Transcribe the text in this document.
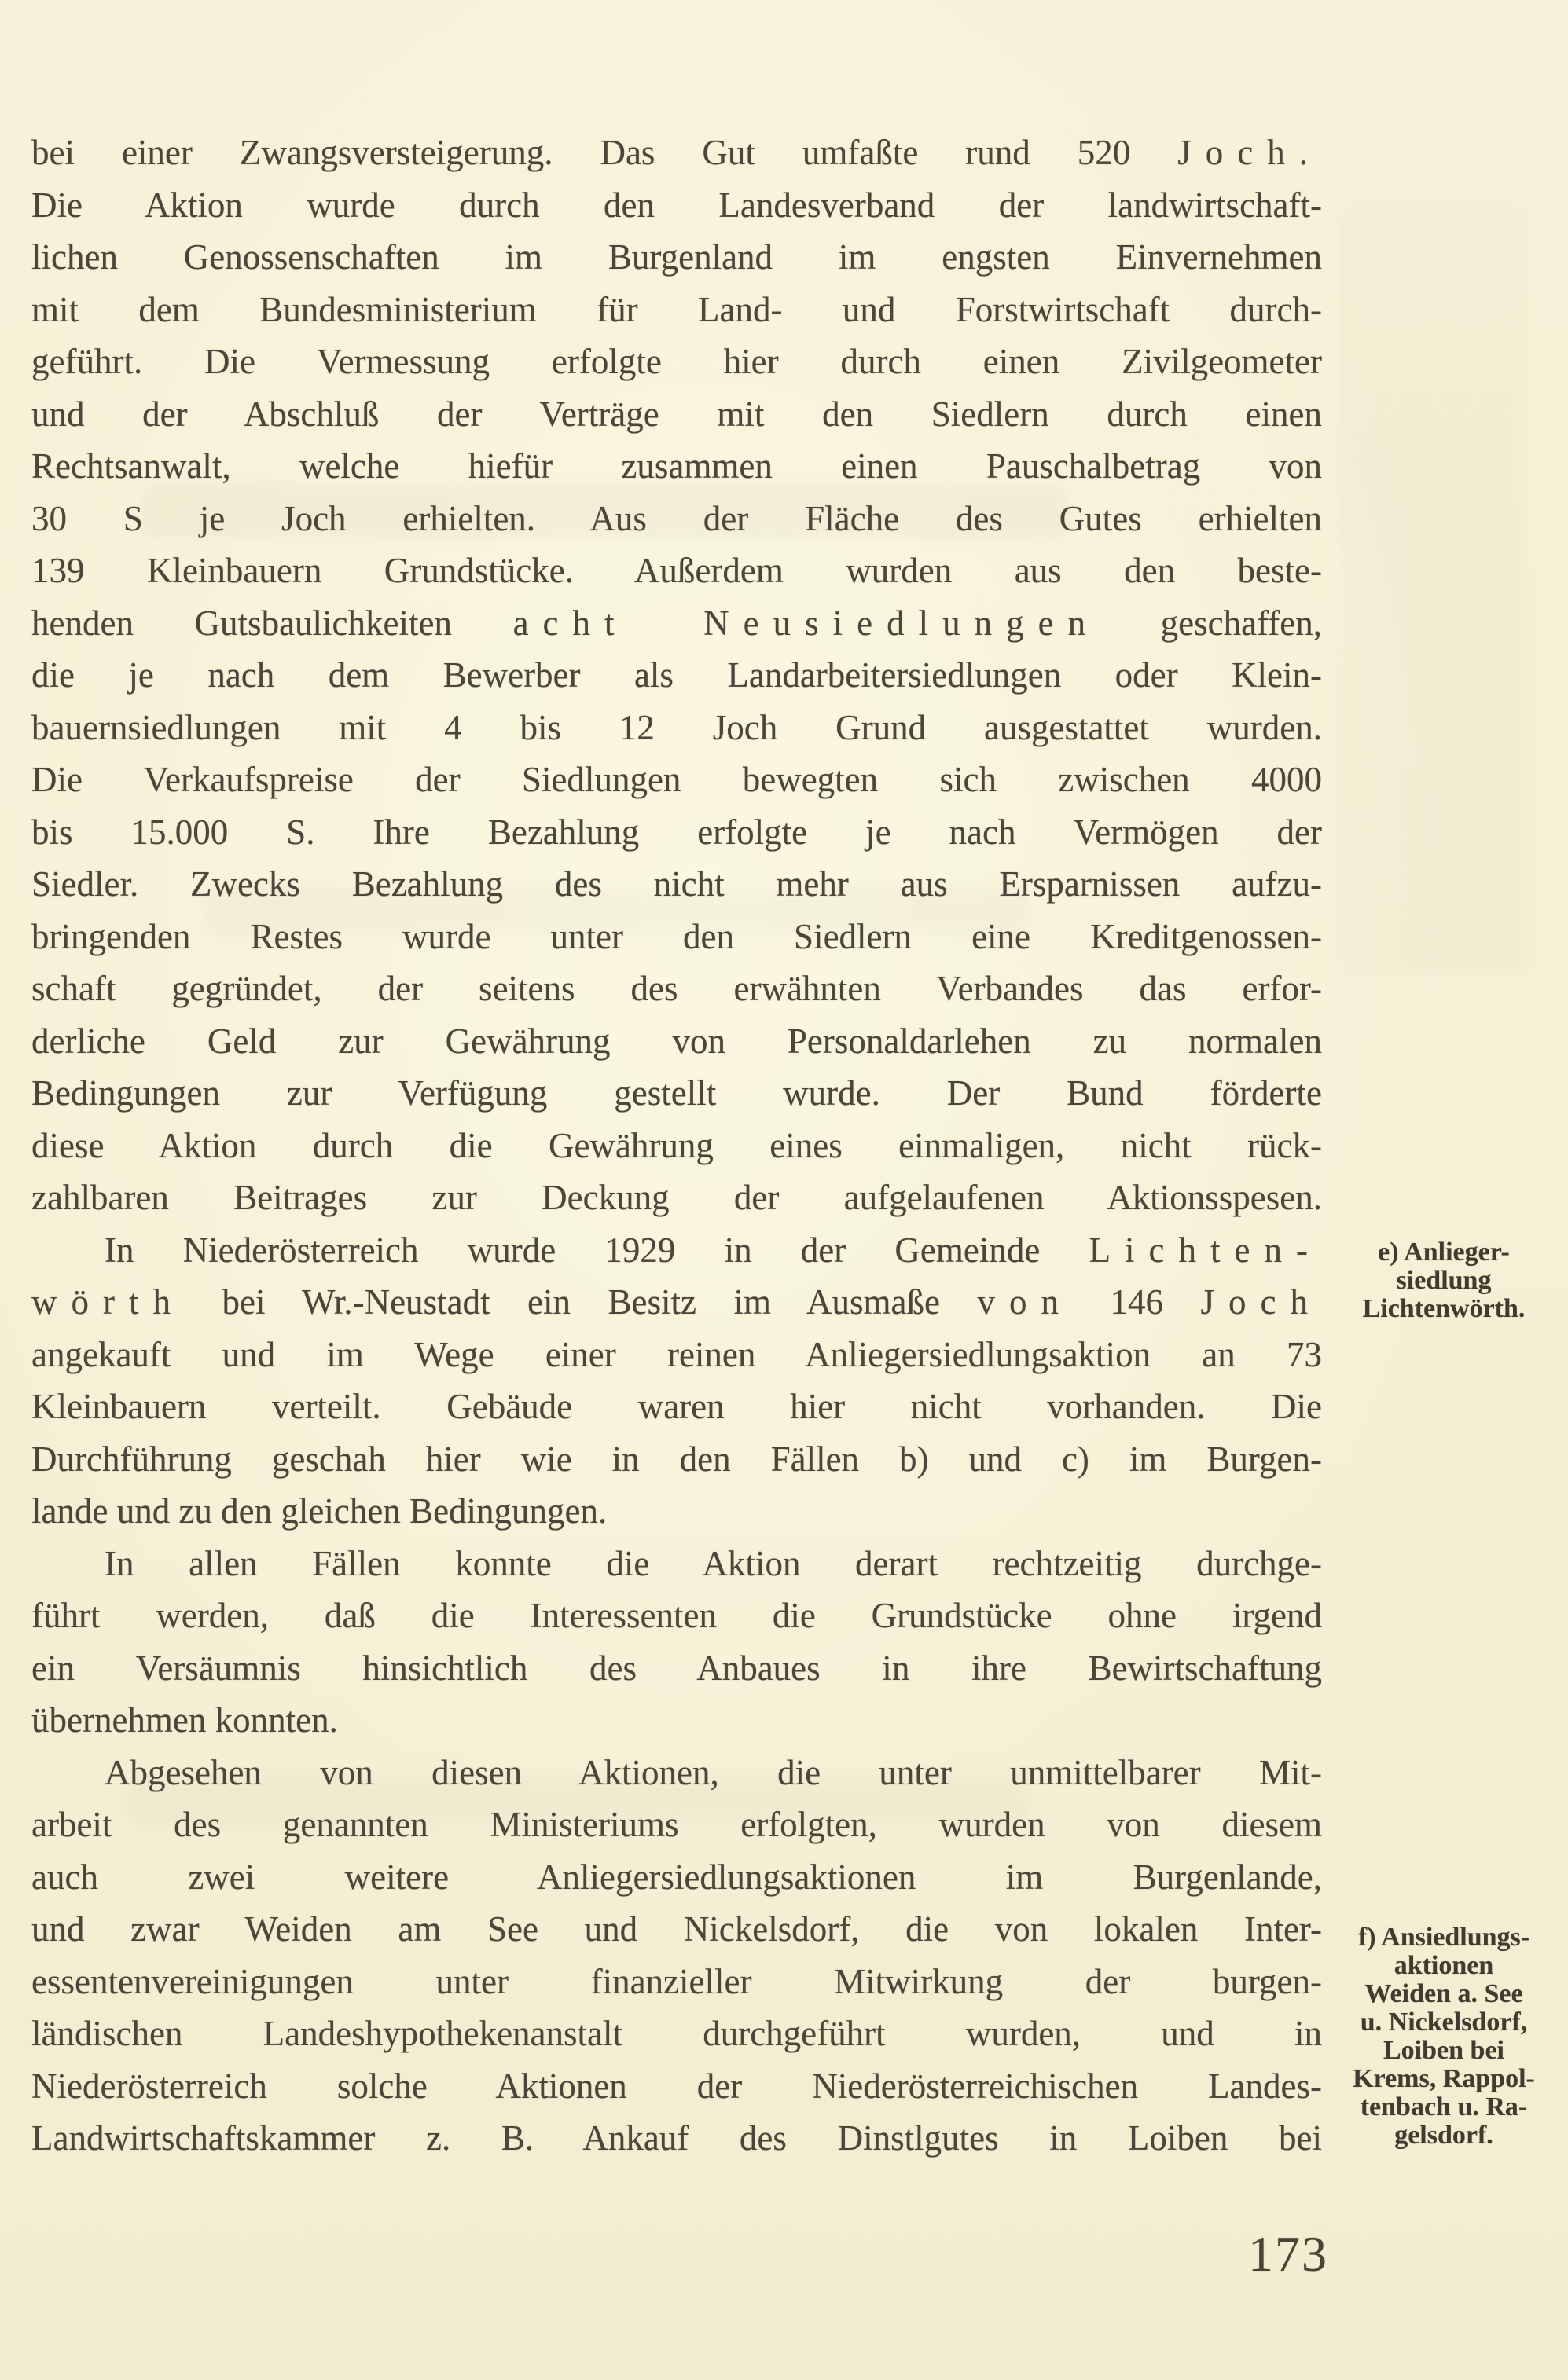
bei einer Zwangsversteigerung. Das Gut umfaßte rund 520 Joch.
Die Aktion wurde durch den Landesverband der landwirtschaft-
lichen Genossenschaften im Burgenland im engsten Einvernehmen
mit dem Bundesministerium für Land- und Forstwirtschaft durch-
geführt. Die Vermessung erfolgte hier durch einen Zivilgeometer
und der Abschluß der Verträge mit den Siedlern durch einen
Rechtsanwalt, welche hiefür zusammen einen Pauschalbetrag von
30 S je Joch erhielten. Aus der Fläche des Gutes erhielten
139 Kleinbauern Grundstücke. Außerdem wurden aus den beste-
henden Gutsbaulichkeiten acht Neusiedlungen geschaffen,
die je nach dem Bewerber als Landarbeitersiedlungen oder Klein-
bauernsiedlungen mit 4 bis 12 Joch Grund ausgestattet wurden.
Die Verkaufspreise der Siedlungen bewegten sich zwischen 4000
bis 15.000 S. Ihre Bezahlung erfolgte je nach Vermögen der
Siedler. Zwecks Bezahlung des nicht mehr aus Ersparnissen aufzu-
bringenden Restes wurde unter den Siedlern eine Kreditgenossen-
schaft gegründet, der seitens des erwähnten Verbandes das erfor-
derliche Geld zur Gewährung von Personaldarlehen zu normalen
Bedingungen zur Verfügung gestellt wurde. Der Bund förderte
diese Aktion durch die Gewährung eines einmaligen, nicht rück-
zahlbaren Beitrages zur Deckung der aufgelaufenen Aktionsspesen.
In Niederösterreich wurde 1929 in der Gemeinde Lichten-
wörth bei Wr.-Neustadt ein Besitz im Ausmaße von 146 Joch
angekauft und im Wege einer reinen Anliegersiedlungsaktion an 73
Kleinbauern verteilt. Gebäude waren hier nicht vorhanden. Die
Durchführung geschah hier wie in den Fällen b) und c) im Burgen-
lande und zu den gleichen Bedingungen.
In allen Fällen konnte die Aktion derart rechtzeitig durchge-
führt werden, daß die Interessenten die Grundstücke ohne irgend
ein Versäumnis hinsichtlich des Anbaues in ihre Bewirtschaftung
übernehmen konnten.
Abgesehen von diesen Aktionen, die unter unmittelbarer Mit-
arbeit des genannten Ministeriums erfolgten, wurden von diesem
auch zwei weitere Anliegersiedlungsaktionen im Burgenlande,
und zwar Weiden am See und Nickelsdorf, die von lokalen Inter-
essentenvereinigungen unter finanzieller Mitwirkung der burgen-
ländischen Landeshypothekenanstalt durchgeführt wurden, und in
Niederösterreich solche Aktionen der Niederösterreichischen Landes-
Landwirtschaftskammer z. B. Ankauf des Dinstlgutes in Loiben bei
e) Anlieger-
siedlung
Lichtenwörth.
f) Ansiedlungs-
aktionen
Weiden a. See
u. Nickelsdorf,
Loiben bei
Krems, Rappol-
tenbach u. Ra-
gelsdorf.
173
